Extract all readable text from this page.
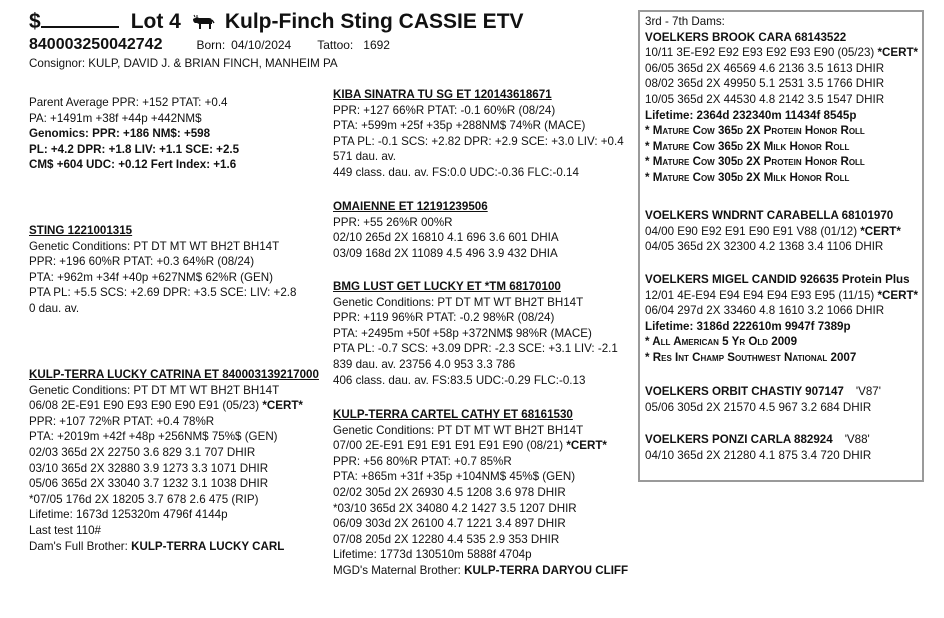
$	Lot 4 Kulp-Finch Sting CASSIE ETV
840003250042742	Born: 04/10/2024 Tattoo: 1692
Consignor: KULP, DAVID J. & BRIAN FINCH, MANHEIM PA
Parent Average PPR: +152 PTAT: +0.4
PA: +1491m +38f +44p +442NM$
Genomics: PPR: +186 NM$: +598
PL: +4.2 DPR: +1.8 LIV: +1.1 SCE: +2.5
CM$ +604 UDC: +0.12 Fert Index: +1.6
STING 1221001315
Genetic Conditions: PT DT MT WT BH2T BH14T
PPR: +196 60%R PTAT: +0.3 64%R (08/24)
PTA: +962m +34f +40p +627NM$ 62%R (GEN)
PTA PL: +5.5 SCS: +2.69 DPR: +3.5 SCE: LIV: +2.8
0 dau. av.
KULP-TERRA LUCKY CATRINA ET 840003139217000
Genetic Conditions: PT DT MT WT BH2T BH14T
06/08 2E-E91 E90 E93 E90 E90 E91 (05/23) *CERT*
PPR: +107 72%R PTAT: +0.4 78%R
PTA: +2019m +42f +48p +256NM$ 75%$ (GEN)
02/03 365d 2X 22750 3.6 829 3.1 707 DHIR
03/10 365d 2X 32880 3.9 1273 3.3 1071 DHIR
05/06 365d 2X 33040 3.7 1232 3.1 1038 DHIR
*07/05 176d 2X 18205 3.7 678 2.6 475 (RIP)
Lifetime: 1673d 125320m 4796f 4144p
Last test 110#
Dam's Full Brother: KULP-TERRA LUCKY CARL
KIBA SINATRA TU SG ET 120143618671
PPR: +127 66%R PTAT: -0.1 60%R (08/24)
PTA: +599m +25f +35p +288NM$ 74%R (MACE)
PTA PL: -0.1 SCS: +2.82 DPR: +2.9 SCE: +3.0 LIV: +0.4
571 dau. av.
449 class. dau. av. FS:0.0 UDC:-0.36 FLC:-0.14
OMAIENNE ET 12191239506
PPR: +55 26%R 00%R
02/10 265d 2X 16810 4.1 696 3.6 601 DHIA
03/09 168d 2X 11089 4.5 496 3.9 432 DHIA
BMG LUST GET LUCKY ET *TM 68170100
Genetic Conditions: PT DT MT WT BH2T BH14T
PPR: +119 96%R PTAT: -0.2 98%R (08/24)
PTA: +2495m +50f +58p +372NM$ 98%R (MACE)
PTA PL: -0.7 SCS: +3.09 DPR: -2.3 SCE: +3.1 LIV: -2.1
839 dau. av. 23756 4.0 953 3.3 786
406 class. dau. av. FS:83.5 UDC:-0.29 FLC:-0.13
KULP-TERRA CARTEL CATHY ET 68161530
Genetic Conditions: PT DT MT WT BH2T BH14T
07/00 2E-E91 E91 E91 E91 E91 E90 (08/21) *CERT*
PPR: +56 80%R PTAT: +0.7 85%R
PTA: +865m +31f +35p +104NM$ 45%$ (GEN)
02/02 305d 2X 26930 4.5 1208 3.6 978 DHIR
*03/10 365d 2X 34080 4.2 1427 3.5 1207 DHIR
06/09 303d 2X 26100 4.7 1221 3.4 897 DHIR
07/08 205d 2X 12280 4.4 535 2.9 353 DHIR
Lifetime: 1773d 130510m 5888f 4704p
MGD's Maternal Brother: KULP-TERRA DARYOU CLIFF
3rd - 7th Dams:
VOELKERS BROOK CARA 68143522
10/11 3E-E92 E92 E93 E92 E93 E90 (05/23) *CERT*
06/05 365d 2X 46569 4.6 2136 3.5 1613 DHIR
08/02 365d 2X 49950 5.1 2531 3.5 1766 DHIR
10/05 365d 2X 44530 4.8 2142 3.5 1547 DHIR
Lifetime: 2364d 232340m 11434f 8545p
* Mature Cow 365d 2X Protein Honor Roll
* Mature Cow 365d 2X Milk Honor Roll
* Mature Cow 305d 2X Protein Honor Roll
* Mature Cow 305d 2X Milk Honor Roll
VOELKERS WNDRNT CARABELLA 68101970
04/00 E90 E92 E91 E90 E91 V88 (01/12) *CERT*
04/05 365d 2X 32300 4.2 1368 3.4 1106 DHIR
VOELKERS MIGEL CANDID 926635 Protein Plus
12/01 4E-E94 E94 E94 E94 E93 E95 (11/15) *CERT*
06/04 297d 2X 33460 4.8 1610 3.2 1066 DHIR
Lifetime: 3186d 222610m 9947f 7389p
* All American 5 Yr Old 2009
* Res Int Champ Southwest National 2007
VOELKERS ORBIT CHASTIY 907147 'V87'
05/06 305d 2X 21570 4.5 967 3.2 684 DHIR
VOELKERS PONZI CARLA 882924 'V88'
04/10 365d 2X 21280 4.1 875 3.4 720 DHIR
